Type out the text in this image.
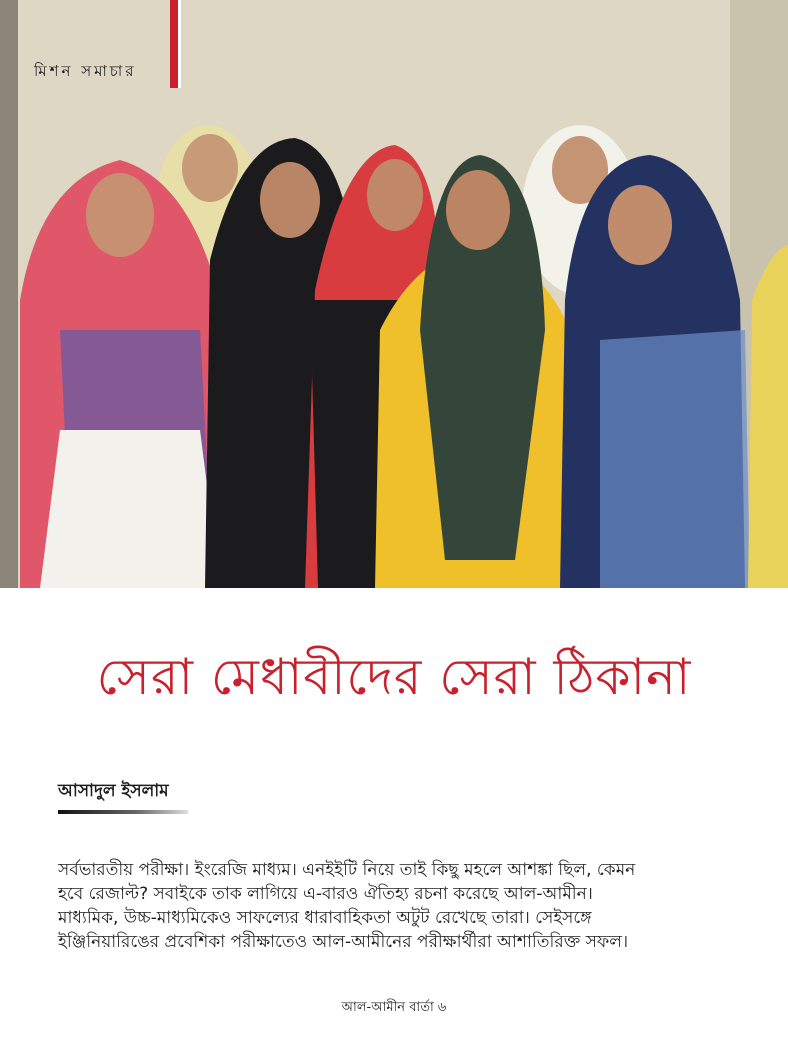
মিশন সমাচার
সেরা মেধাবীদের সেরা ঠিকানা
আসাদুল ইসলাম

সর্বভারতীয় পরীক্ষা। ইংরেজি মাধ্যম। এনইইটি নিয়ে তাই কিছু মহলে আশঙ্কা ছিল, কেমন

হবে রেজাল্ট? সবাইকে তাক লাগিয়ে এ-বারও ঐতিহ্য রচনা করেছে আল-আমীন।

মাধ্যমিক, উচ্চ-মাধ্যমিকেও সাফল্যের ধারাবাহিকতা অটুট রেখেছে তারা। সেইসঙ্গে

ইঞ্জিনিয়ারিঙের প্রবেশিকা পরীক্ষাতেও আল-আমীনের পরীক্ষার্থীরা আশাতিরিক্ত সফল।

আল-আমীন বার্তা ৬
